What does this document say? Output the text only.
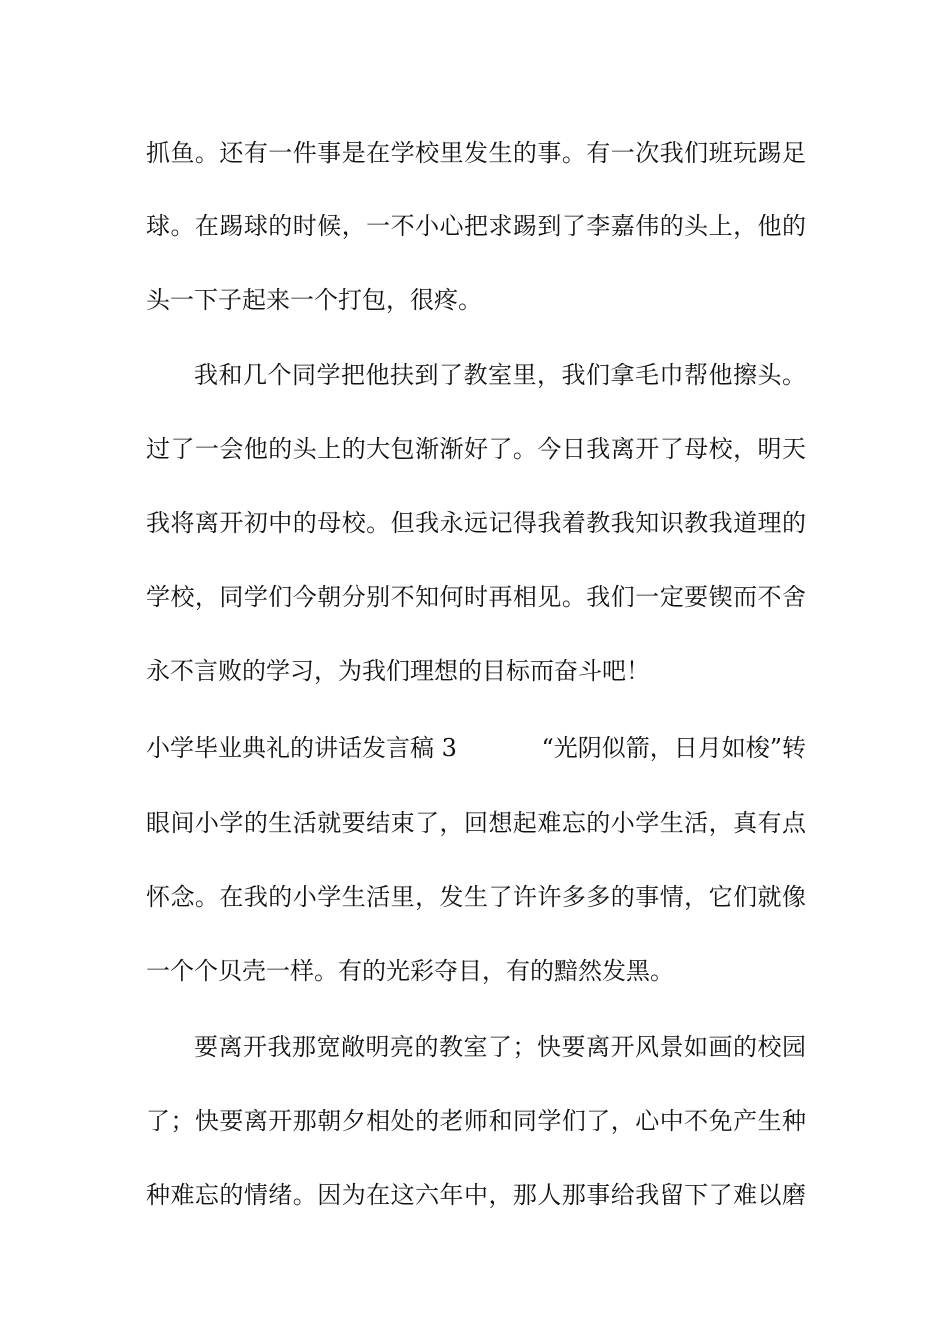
抓鱼。还有一件事是在学校里发生的事。有一次我们班玩踢足
球。在踢球的时候，一不小心把求踢到了李嘉伟的头上，他的
头一下子起来一个打包，很疼。
我和几个同学把他扶到了教室里，我们拿毛巾帮他擦头。
过了一会他的头上的大包渐渐好了。今日我离开了母校，明天
我将离开初中的母校。但我永远记得我着教我知识教我道理的
学校，同学们今朝分别不知何时再相见。我们一定要锲而不舍
永不言败的学习，为我们理想的目标而奋斗吧！
小学毕业典礼的讲话发言稿 3	“光阴似箭，日月如梭”转
眼间小学的生活就要结束了，回想起难忘的小学生活，真有点
怀念。在我的小学生活里，发生了许许多多的事情，它们就像
一个个贝壳一样。有的光彩夺目，有的黯然发黑。
要离开我那宽敞明亮的教室了；快要离开风景如画的校园
了；快要离开那朝夕相处的老师和同学们了，心中不免产生种
种难忘的情绪。因为在这六年中，那人那事给我留下了难以磨
